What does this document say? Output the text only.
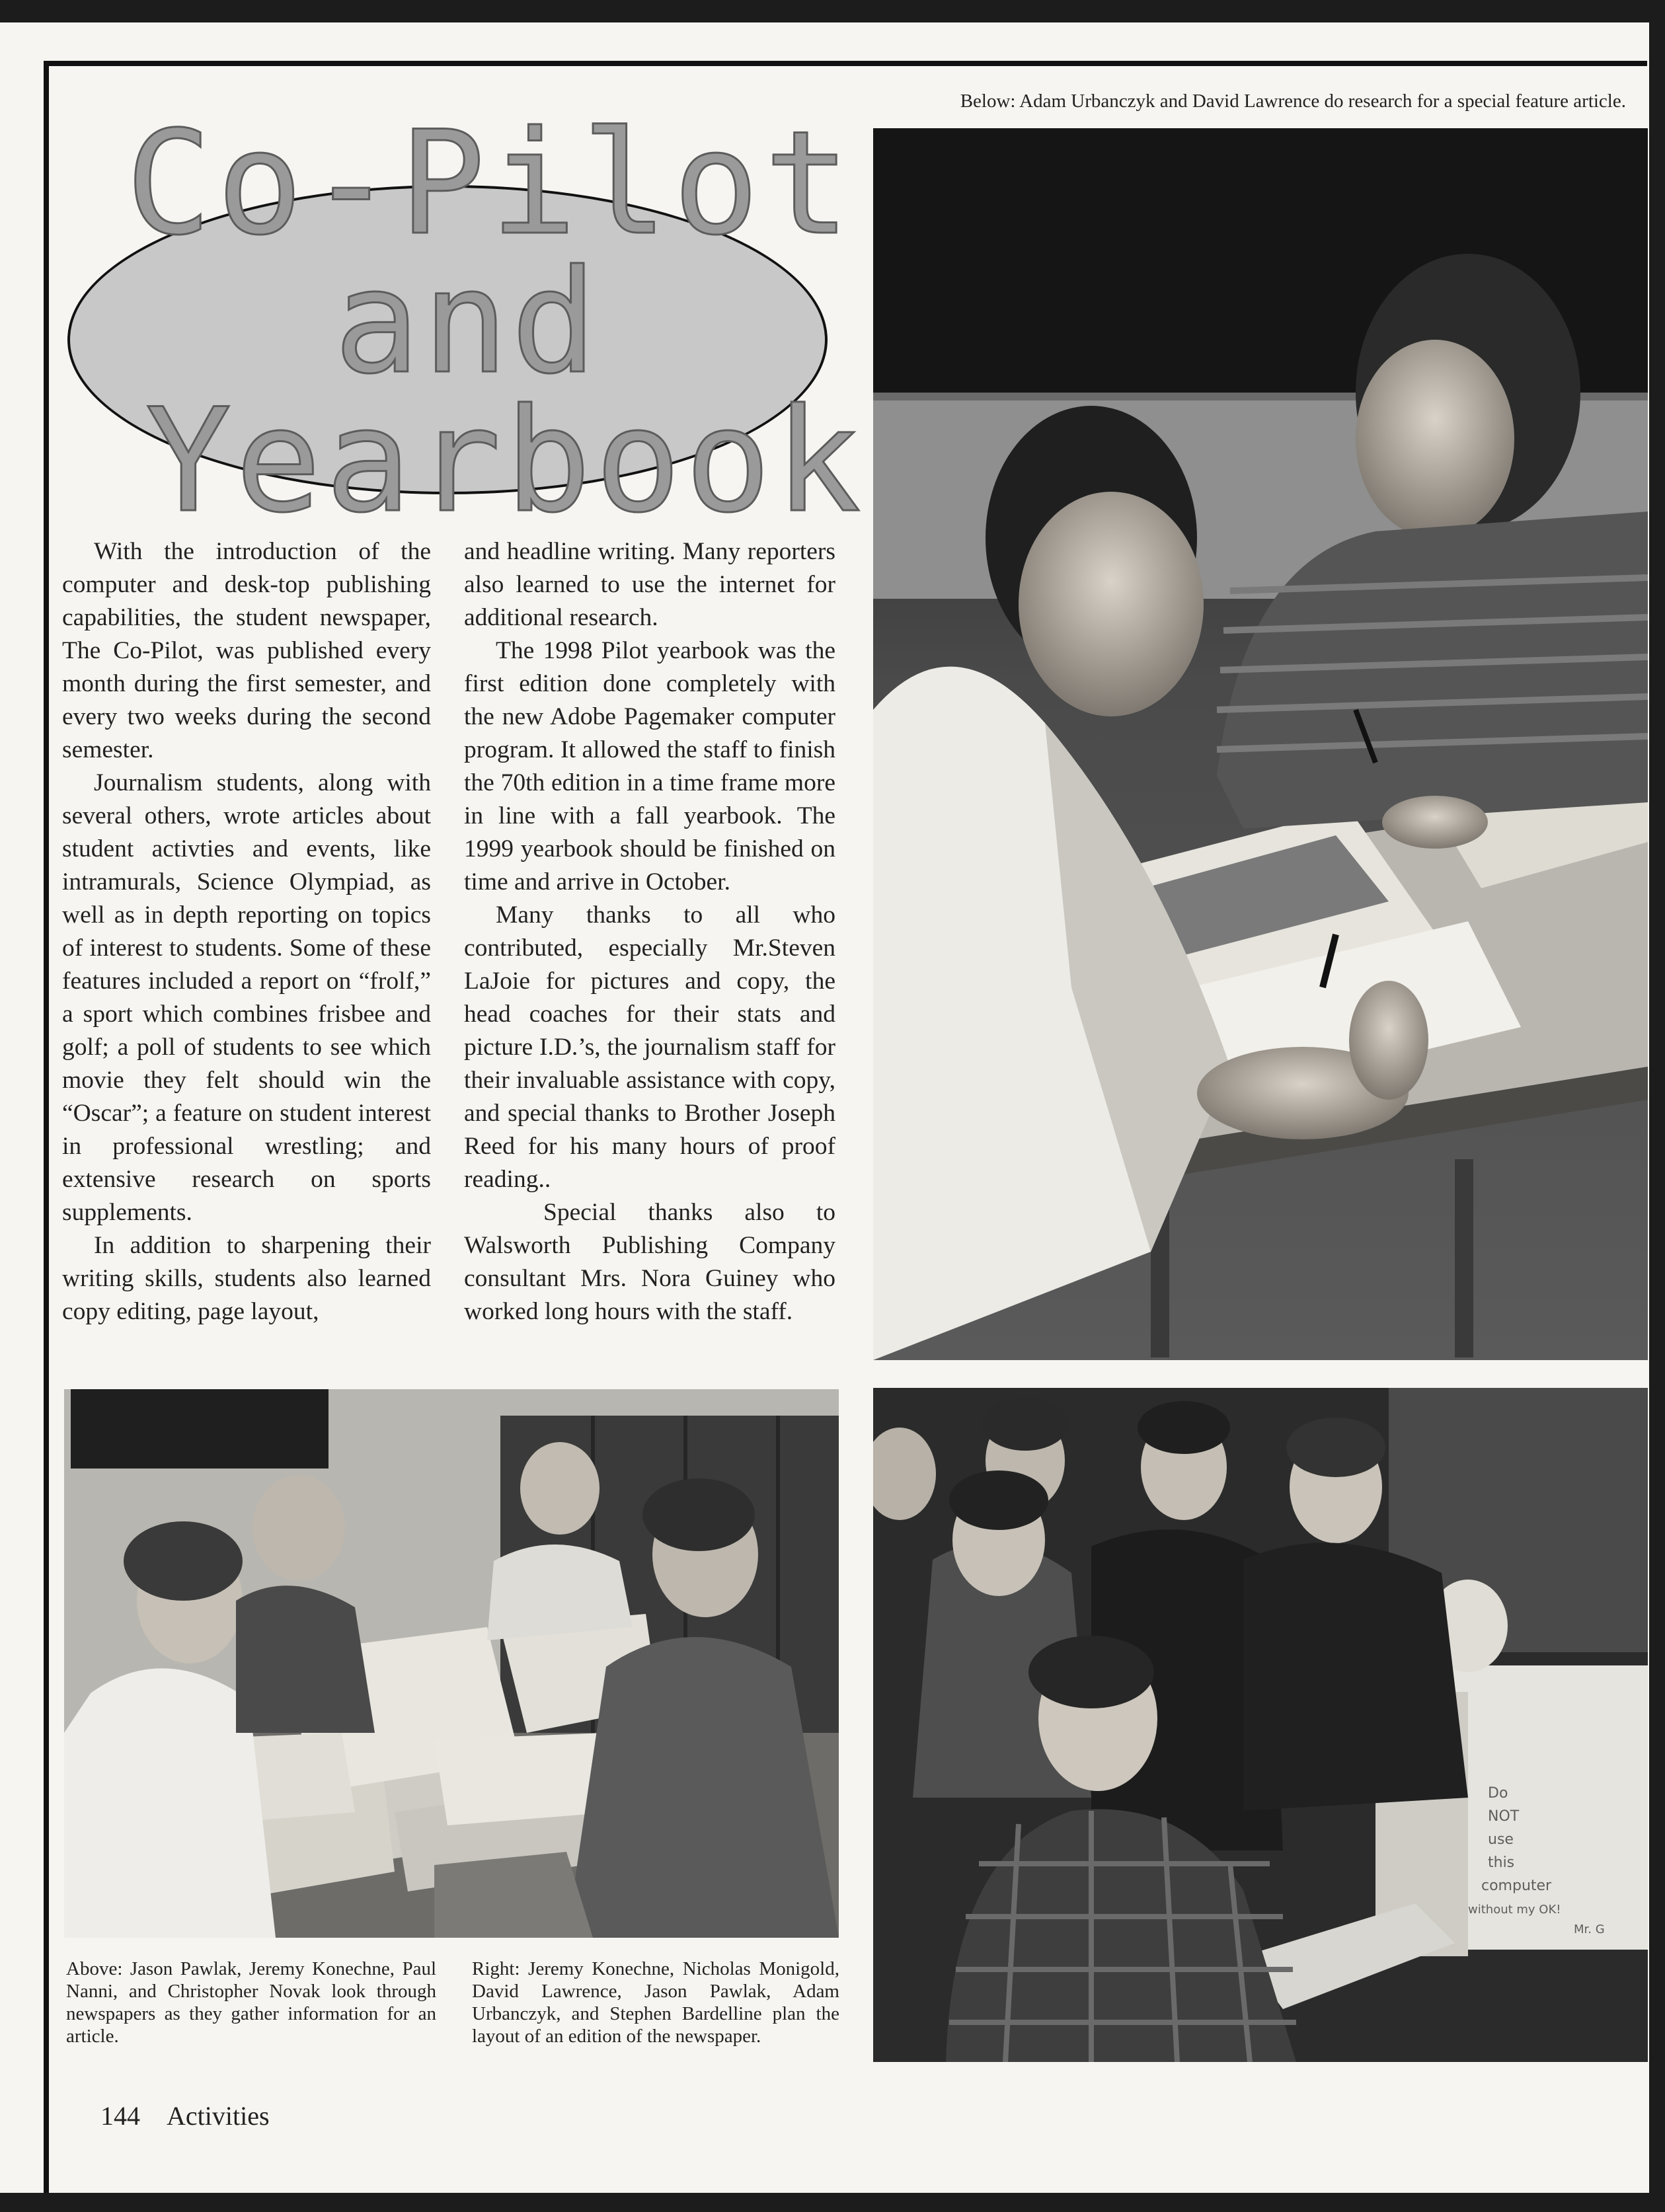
Co-Pilot
and
Yearbook

With the introduction of the computer and desk-top publishing capabilities, the student newspaper, The Co-Pilot, was published every month during the first semester, and every two weeks during the second semester.

Journalism students, along with several others, wrote articles about student activties and events, like intramurals, Science Olympiad, as well as in depth reporting on topics of interest to students. Some of these features included a report on “frolf,” a sport which combines frisbee and golf; a poll of students to see which movie they felt should win the “Oscar”; a feature on student interest in professional wrestling; and extensive research on sports supplements.

In addition to sharpening their writing skills, students also learned copy editing, page layout,

and headline writing. Many reporters also learned to use the internet for additional research.

The 1998 Pilot yearbook was the first edition done completely with the new Adobe Pagemaker computer program. It allowed the staff to finish the 70th edition in a time frame more in line with a fall yearbook. The 1999 yearbook should be finished on time and arrive in October.

Many thanks to all who contributed, especially Mr.Steven LaJoie for pictures and copy, the head coaches for their stats and picture I.D.’s, the journalism staff for their invaluable assistance with copy, and special thanks to Brother Joseph Reed for his many hours of proof reading..

Special thanks also to Walsworth Publishing Company consultant Mrs. Nora Guiney who worked long hours with the staff.

Below: Adam Urbanczyk and David Lawrence do research for a special feature article.
Do
NOT
use
this
computer
without my OK!
Mr. G
Above: Jason Pawlak, Jeremy Konechne, Paul Nanni, and Christopher Novak look through newspapers as they gather information for an article.
Right: Jeremy Konechne, Nicholas Monigold, David Lawrence, Jason Pawlak, Adam Urbanczyk, and Stephen Bardelline plan the layout of an edition of the newspaper.
144 Activities
